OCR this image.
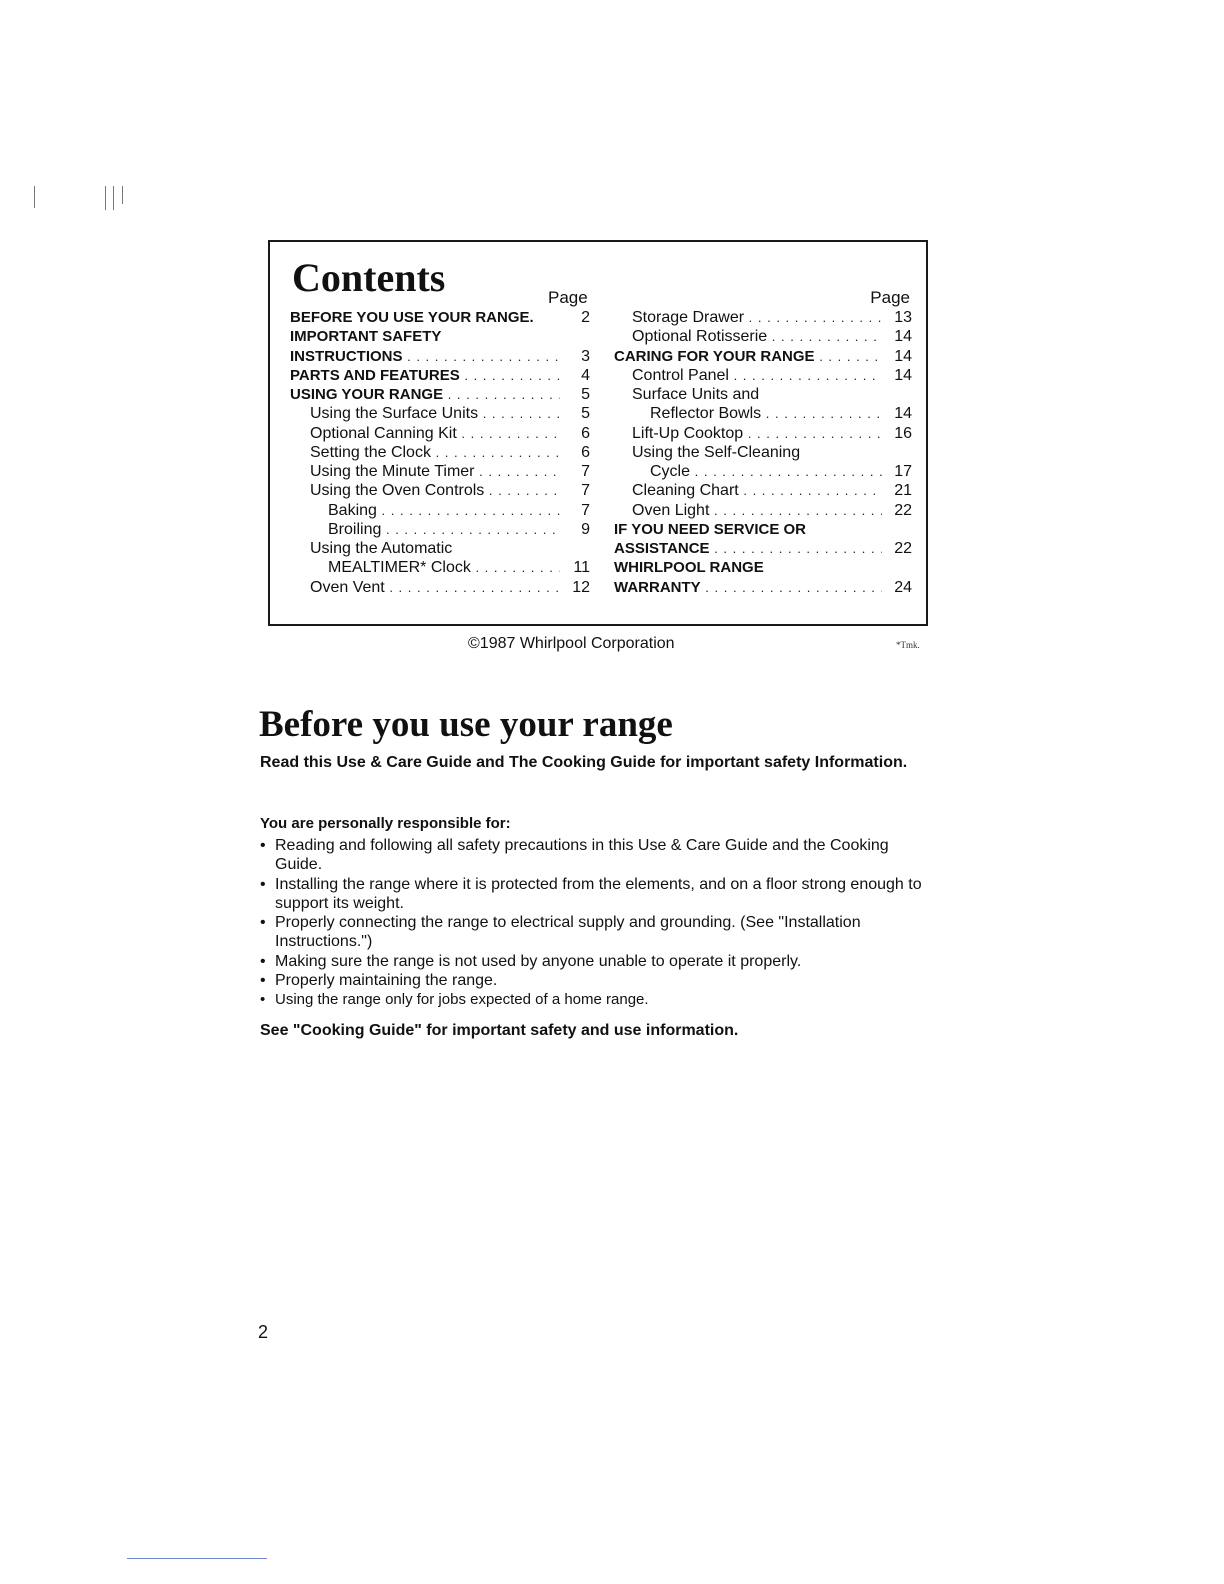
Contents	Page	Page
BEFORE YOU USE YOUR RANGE.	2
IMPORTANT SAFETY
INSTRUCTIONS . . .	3
PARTS AND FEATURES . . .	4
USING YOUR RANGE . . .	5
Using the Surface Units . . .	5
Optional Canning Kit . . .	6
Setting the Clock . . .	6
Using the Minute Timer . . .	7
Using the Oven Controls . . .	7
Baking . . .	7
Broiling . . .	9
Using the Automatic
MEALTIMER* Clock . . .	11
Oven Vent . . .	12
Storage Drawer . . .	13
Optional Rotisserie . . .	14
CARING FOR YOUR RANGE . . .	14
Control Panel . . .	14
Surface Units and
Reflector Bowls . . .	14
Lift-Up Cooktop . . .	16
Using the Self-Cleaning
Cycle . . .	17
Cleaning Chart . . .	21
Oven Light . . .	22
IF YOU NEED SERVICE OR
ASSISTANCE . . .	22
WHIRLPOOL RANGE
WARRANTY . . .	24
©1987 Whirlpool Corporation	*Tmk.
Before you use your range

Read this Use & Care Guide and The Cooking Guide for important safety Information.

You are personally responsible for:

• Reading and following all safety precautions in this Use & Care Guide and the Cooking Guide.
• Installing the range where it is protected from the elements, and on a floor strong enough to support its weight.
• Properly connecting the range to electrical supply and grounding. (See "Installation Instructions.")
• Making sure the range is not used by anyone unable to operate it properly.
• Properly maintaining the range.
• Using the range only for jobs expected of a home range.

See "Cooking Guide" for important safety and use information.

2
